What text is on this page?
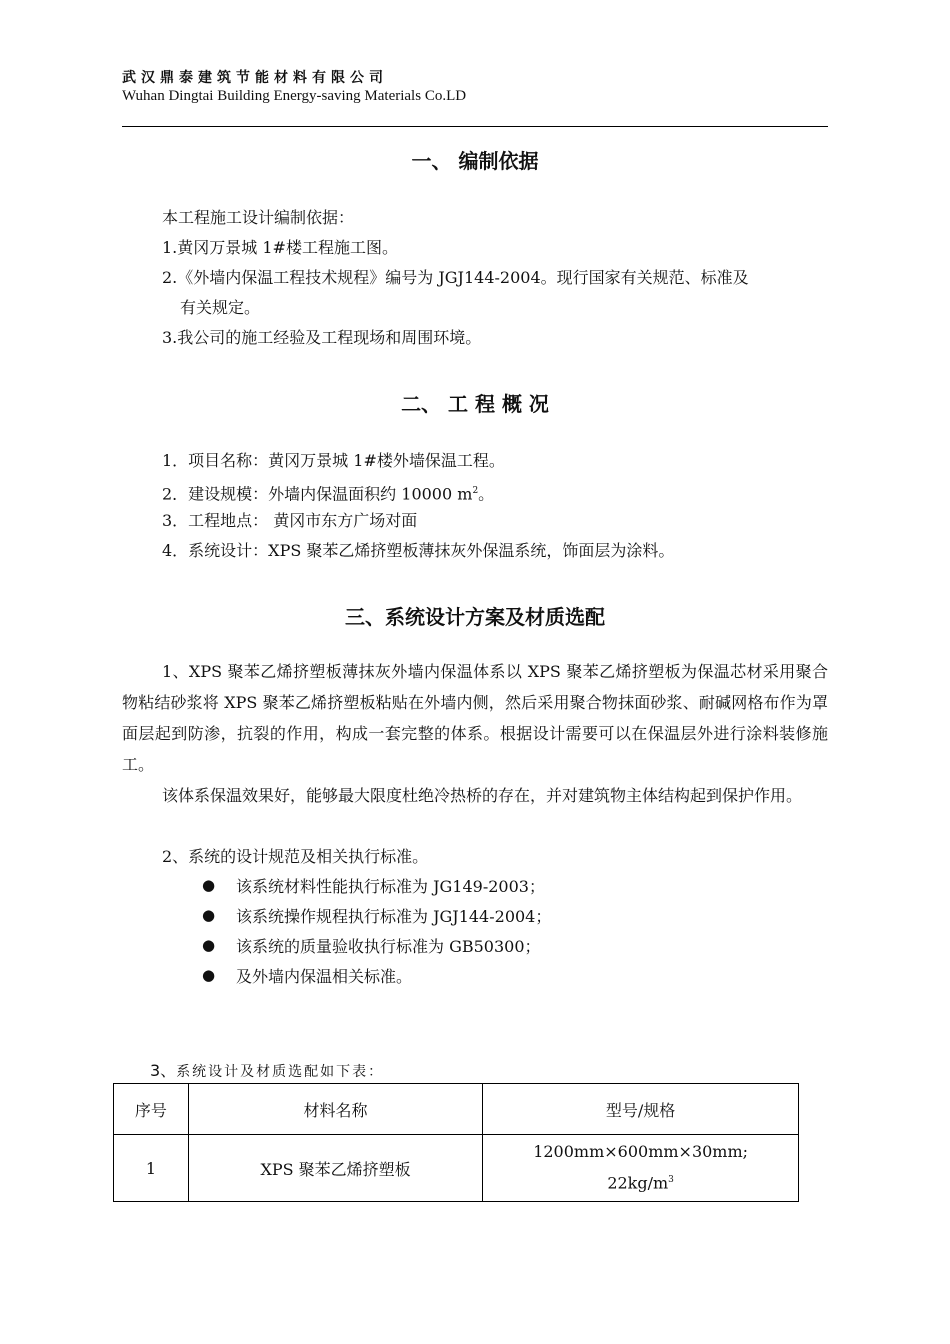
武汉鼎泰建筑节能材料有限公司
Wuhan Dingtai Building Energy-saving Materials Co.LD
一、 编制依据
本工程施工设计编制依据：
1.黄冈万景城 1#楼工程施工图。
2.《外墙内保温工程技术规程》编号为 JGJ144-2004。现行国家有关规范、标准及
有关规定。
3.我公司的施工经验及工程现场和周围环境。
二、 工 程 概 况
1．项目名称：黄冈万景城 1#楼外墙保温工程。
2．建设规模：外墙内保温面积约 10000 $m^2$。
3．工程地点： 黄冈市东方广场对面
4．系统设计：XPS 聚苯乙烯挤塑板薄抹灰外保温系统，饰面层为涂料。
三、系统设计方案及材质选配
1、XPS 聚苯乙烯挤塑板薄抹灰外墙内保温体系以 XPS 聚苯乙烯挤塑板为保温芯材采用聚合物粘结砂浆将 XPS 聚苯乙烯挤塑板粘贴在外墙内侧，然后采用聚合物抹面砂浆、耐碱网格布作为罩面层起到防渗，抗裂的作用，构成一套完整的体系。根据设计需要可以在保温层外进行涂料装修施工。
该体系保温效果好，能够最大限度杜绝冷热桥的存在，并对建筑物主体结构起到保护作用。
2、系统的设计规范及相关执行标准。
● 该系统材料性能执行标准为 JG149-2003；
● 该系统操作规程执行标准为 JGJ144-2004；
● 该系统的质量验收执行标准为 GB50300；
● 及外墙内保温相关标准。
3、系统设计及材质选配如下表：
序号	材料名称	型号/规格
1	XPS 聚苯乙烯挤塑板	1200mm×600mm×30mm;
$22kg/m^3$
